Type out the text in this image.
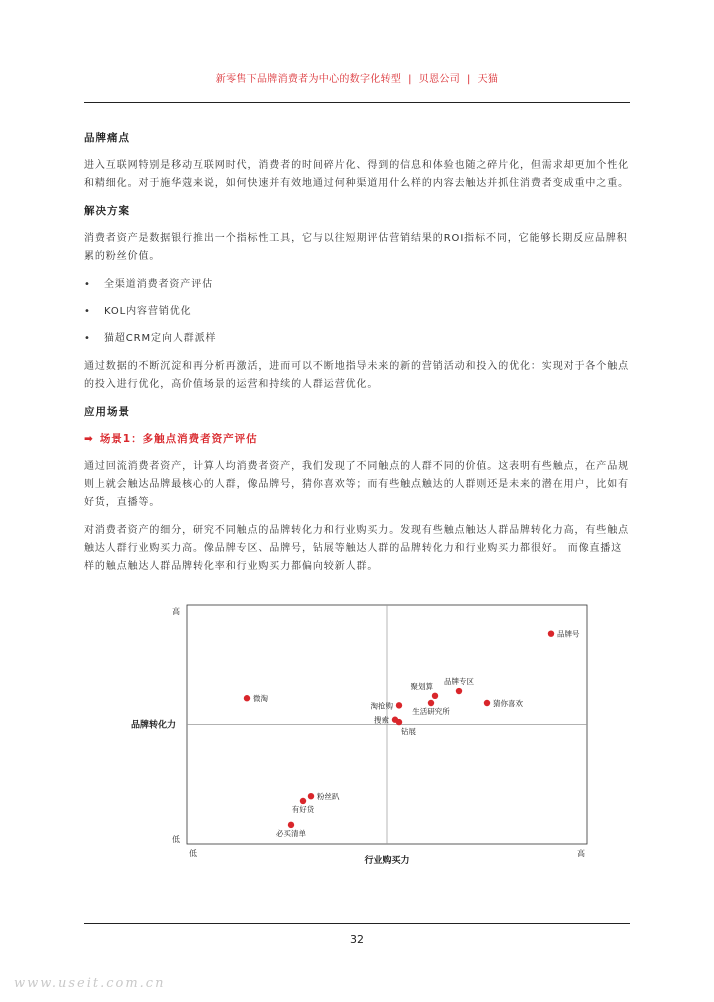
新零售下品牌消费者为中心的数字化转型 | 贝恩公司 | 天猫
品牌痛点

进入互联网特别是移动互联网时代，消费者的时间碎片化、得到的信息和体验也随之碎片化，但需求却更加个性化和精细化。对于施华蔻来说，如何快速并有效地通过何种渠道用什么样的内容去触达并抓住消费者变成重中之重。

解决方案

消费者资产是数据银行推出一个指标性工具，它与以往短期评估营销结果的ROI指标不同，它能够长期反应品牌积累的粉丝价值。

• 全渠道消费者资产评估
• KOL内容营销优化
• 猫超CRM定向人群派样

通过数据的不断沉淀和再分析再激活，进而可以不断地指导未来的新的营销活动和投入的优化：实现对于各个触点的投入进行优化，高价值场景的运营和持续的人群运营优化。

应用场景
➡ 场景1：多触点消费者资产评估

通过回流消费者资产，计算人均消费者资产，我们发现了不同触点的人群不同的价值。这表明有些触点，在产品规则上就会触达品牌最核心的人群，像品牌号，猜你喜欢等；而有些触点触达的人群则还是未来的潜在用户，比如有好货，直播等。

对消费者资产的细分，研究不同触点的品牌转化力和行业购买力。发现有些触点触达人群品牌转化力高，有些触点触达人群行业购买力高。像品牌专区、品牌号，钻展等触达人群的品牌转化力和行业购买力都很好。 而像直播这样的触点触达人群品牌转化率和行业购买力都偏向较新人群。

高
低
低	高
品牌转化力
行业购买力
品牌号
品牌专区
聚划算
猜你喜欢
生活研究所
微淘
淘抢购
搜索
钻展
粉丝趴
有好货
必买清单
32
www.useit.com.cn
